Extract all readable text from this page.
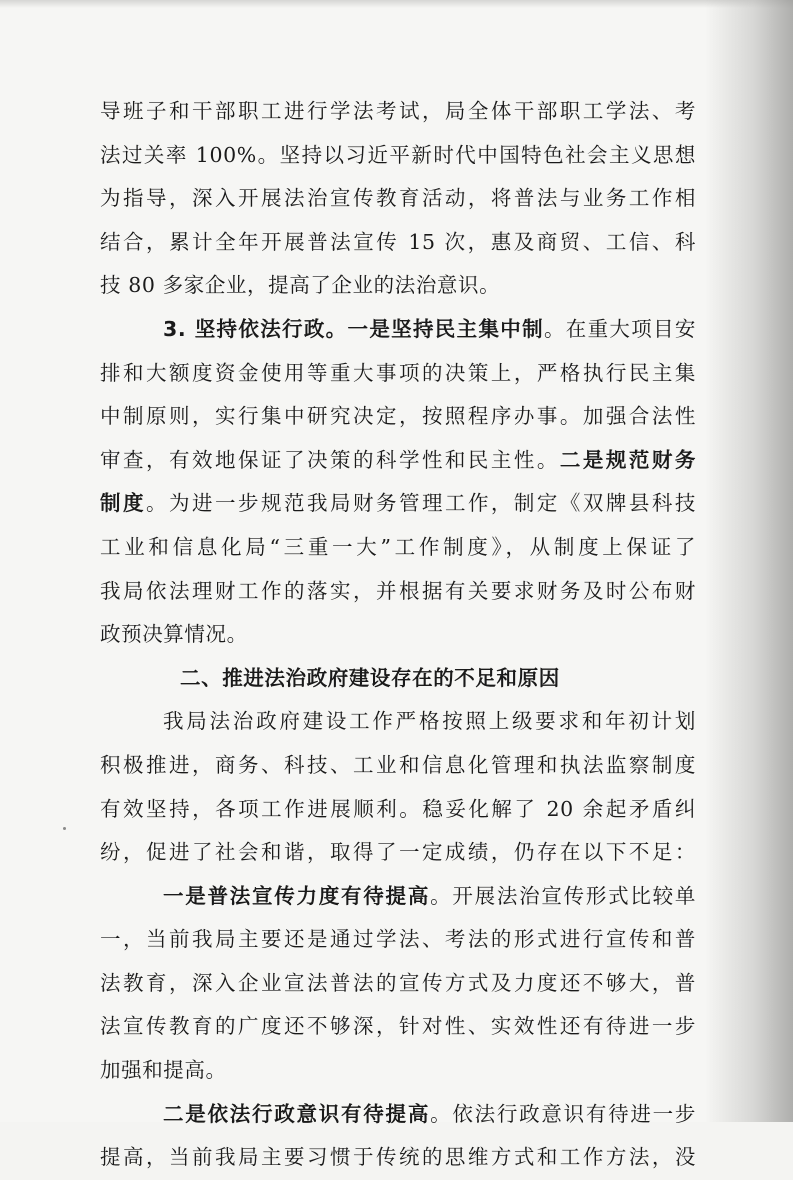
导班子和干部职工进行学法考试，局全体干部职工学法、考
法过关率 100%。坚持以习近平新时代中国特色社会主义思想
为指导，深入开展法治宣传教育活动，将普法与业务工作相
结合，累计全年开展普法宣传 15 次，惠及商贸、工信、科
技 80 多家企业，提高了企业的法治意识。
3. 坚持依法行政。一是坚持民主集中制。在重大项目安
排和大额度资金使用等重大事项的决策上，严格执行民主集
中制原则，实行集中研究决定，按照程序办事。加强合法性
审查，有效地保证了决策的科学性和民主性。二是规范财务
制度。为进一步规范我局财务管理工作，制定《双牌县科技
工业和信息化局“三重一大”工作制度》，从制度上保证了
我局依法理财工作的落实，并根据有关要求财务及时公布财
政预决算情况。
二、推进法治政府建设存在的不足和原因
我局法治政府建设工作严格按照上级要求和年初计划
积极推进，商务、科技、工业和信息化管理和执法监察制度
有效坚持，各项工作进展顺利。稳妥化解了 20 余起矛盾纠
纷，促进了社会和谐，取得了一定成绩，仍存在以下不足：
一是普法宣传力度有待提高。开展法治宣传形式比较单
一，当前我局主要还是通过学法、考法的形式进行宣传和普
法教育，深入企业宣法普法的宣传方式及力度还不够大，普
法宣传教育的广度还不够深，针对性、实效性还有待进一步
加强和提高。
二是依法行政意识有待提高。依法行政意识有待进一步
提高，当前我局主要习惯于传统的思维方式和工作方法，没
